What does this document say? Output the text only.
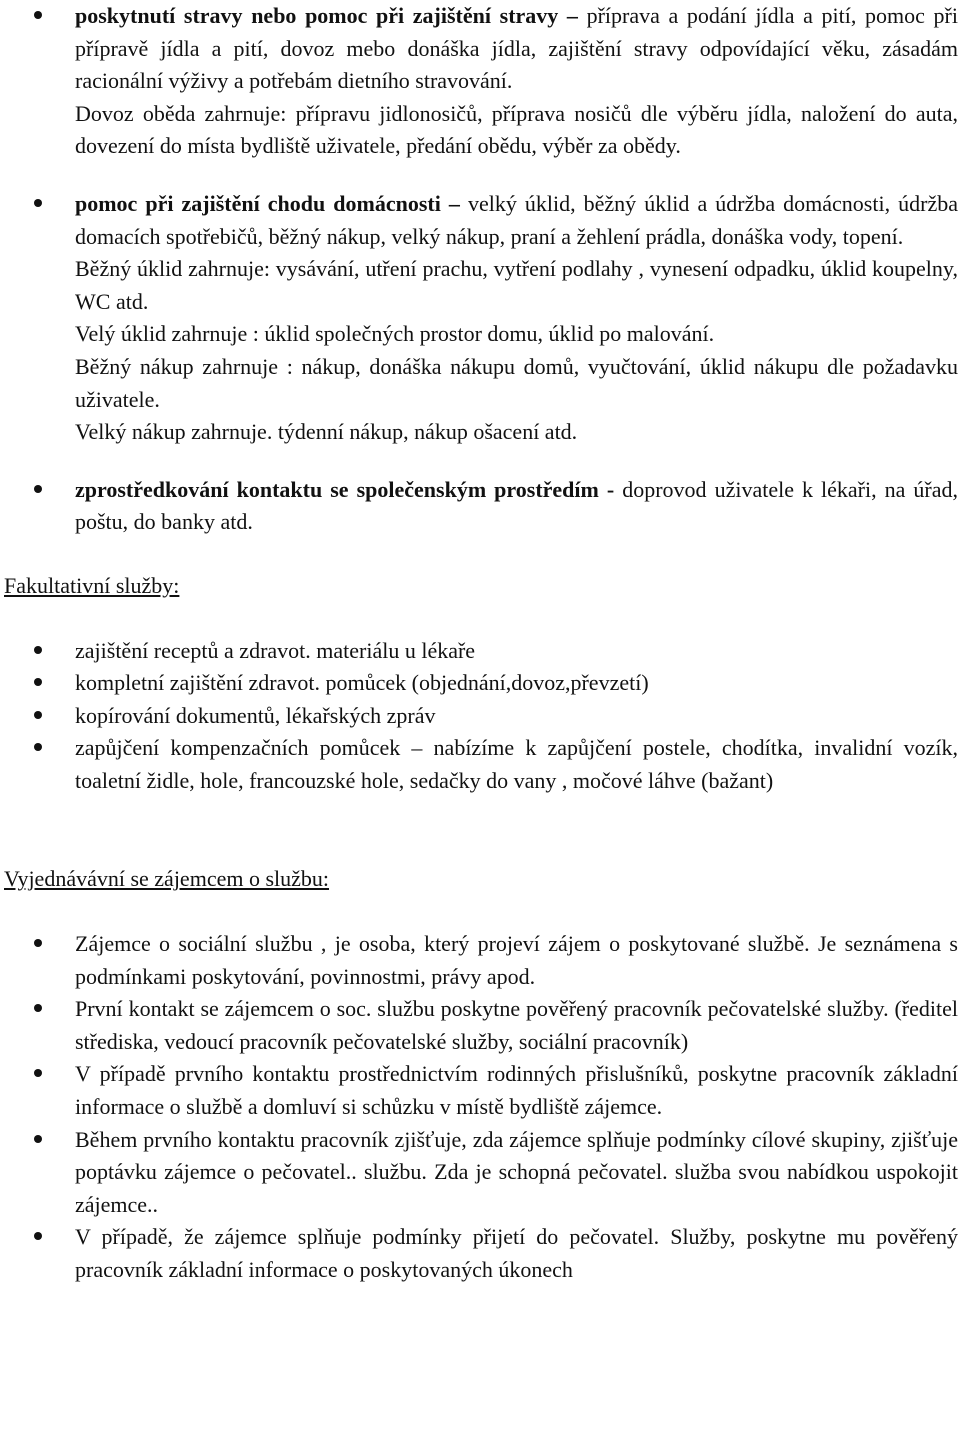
poskytnutí stravy nebo pomoc při zajištění stravy – příprava a podání jídla a pití, pomoc při přípravě jídla a pití, dovoz mebo donáška jídla, zajištění stravy odpovídající věku, zásadám racionální výživy a potřebám dietního stravování.
Dovoz oběda zahrnuje: přípravu jidlonosičů, příprava nosičů dle výběru jídla, naložení do auta, dovezení do místa bydliště uživatele, předání obědu, výběr za obědy.
pomoc při zajištění chodu domácnosti – velký úklid, běžný úklid a údržba domácnosti, údržba domacích spotřebičů, běžný nákup, velký nákup, praní a žehlení prádla, donáška vody, topení.
Běžný úklid zahrnuje: vysávání, utření prachu, vytření podlahy , vynesení odpadku, úklid koupelny, WC atd.
Velý úklid zahrnuje : úklid společných prostor domu, úklid po malování.
Běžný nákup zahrnuje : nákup, donáška nákupu domů, vyučtování, úklid nákupu dle požadavku uživatele.
Velký nákup zahrnuje. týdenní nákup, nákup ošacení atd.
zprostředkování kontaktu se společenským prostředím - doprovod uživatele k lékaři, na úřad, poštu, do banky atd.
Fakultativní služby:
zajištění receptů a zdravot. materiálu u lékaře
kompletní zajištění zdravot. pomůcek (objednání,dovoz,převzetí)
kopírování dokumentů, lékařských zpráv
zapůjčení kompenzačních pomůcek – nabízíme k zapůjčení postele, chodítka, invalidní vozík, toaletní židle, hole, francouzské hole, sedačky do vany , močové láhve (bažant)
Vyjednávávní se zájemcem o službu:
Zájemce o sociální službu , je osoba, který projeví zájem o poskytované službě. Je seznámena s podmínkami poskytování, povinnostmi, právy apod.
První kontakt se zájemcem o soc. službu poskytne pověřený pracovník pečovatelské služby. (ředitel střediska, vedoucí pracovník pečovatelské služby, sociální pracovník)
V případě prvního kontaktu prostřednictvím rodinných přislušníků, poskytne pracovník základní informace o službě a domluví si schůzku v místě bydliště zájemce.
Během prvního kontaktu pracovník zjišťuje, zda zájemce splňuje podmínky cílové skupiny, zjišťuje poptávku zájemce o pečovatel.. službu. Zda je schopná pečovatel. služba svou nabídkou uspokojit zájemce..
V případě, že zájemce splňuje podmínky přijetí do pečovatel. Služby, poskytne mu pověřený pracovník základní informace o poskytovaných úkonech
